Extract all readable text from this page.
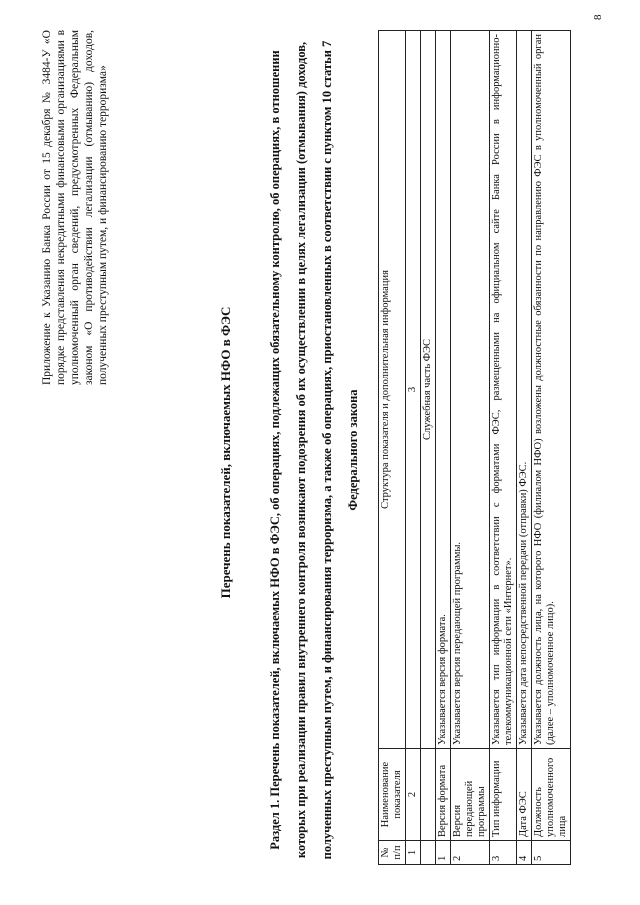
Приложение к Указанию Банка России от 15 декабря № 3484-У «О порядке представления некредитными финансовыми организациями в уполномоченный орган сведений, предусмотренных Федеральным законом «О противодействии легализации (отмыванию) доходов, полученных преступным путем, и финансированию терроризма»
Перечень показателей, включаемых НФО в ФЭС	Раздел 1. Перечень показателей, включаемых НФО в ФЭС, об операциях, подлежащих обязательному контролю, об операциях, в отношении которых при реализации правил внутреннего контроля возникают подозрения об их осуществлении в целях легализации (отмывания) доходов, полученных преступным путем, и финансирования терроризма, а также об операциях, приостановленных в соответствии с пунктом 10 статьи 7 Федерального закона
№ п/п	Наименование показателя	Структура показателя и дополнительная информация
1	2	3
		Служебная часть ФЭС
1	Версия формата	Указывается версия формата.
2	Версия передающей программы	Указывается версия передающей программы.
3	Тип информации	Указывается тип информации в соответствии с форматами ФЭС, размещенными на официальном сайте Банка России в информационно-телекоммуникационной сети «Интернет».
4	Дата ФЭС	Указывается дата непосредственной передачи (отправки) ФЭС.
5	Должность уполномоченного лица	Указывается должность лица, на которого НФО (филиалом НФО) возложены должностные обязанности по направлению ФЭС в уполномоченный орган (далее – уполномоченное лицо).
8
